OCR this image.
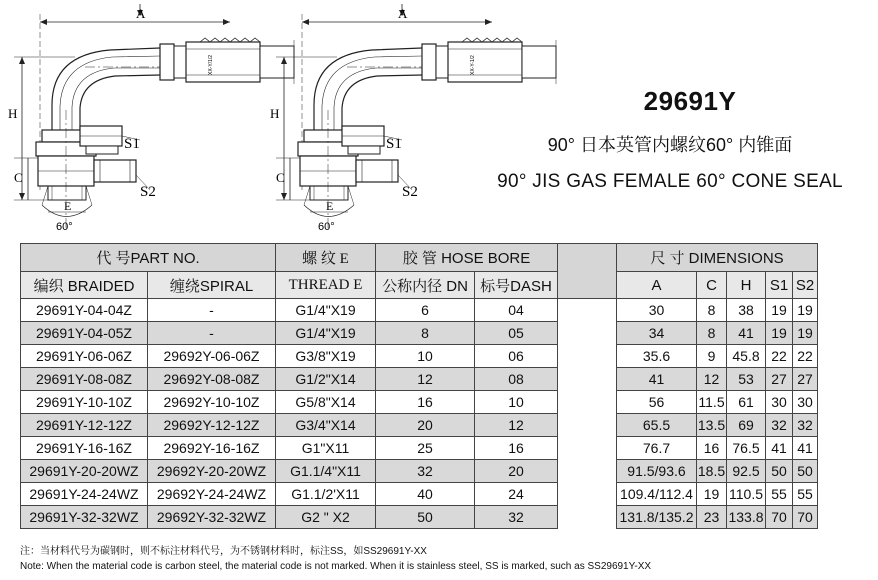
A
H
C
E
S1
S2
60°
XX-Y/1/2
A
H
C
E
S1
S2
60°
XX-Y-1/2
29691Y
90° 日本英管内螺纹60° 内锥面
90° JIS GAS FEMALE 60° CONE SEAL
代 号PART NO.		螺 纹 E	胶 管 HOSE BORE			尺 寸 DIMENSIONS				
编织 BRAIDED	缠绕SPIRAL	THREAD E	公称内径 DN	标号DASH		A	C	H	S1	S2
29691Y-04-04Z	-	G1/4"X19	6	04		30	8	38	19	19
29691Y-04-05Z	-	G1/4"X19	8	05		34	8	41	19	19
29691Y-06-06Z	29692Y-06-06Z	G3/8"X19	10	06		35.6	9	45.8	22	22
29691Y-08-08Z	29692Y-08-08Z	G1/2"X14	12	08		41	12	53	27	27
29691Y-10-10Z	29692Y-10-10Z	G5/8"X14	16	10		56	11.5	61	30	30
29691Y-12-12Z	29692Y-12-12Z	G3/4"X14	20	12		65.5	13.5	69	32	32
29691Y-16-16Z	29692Y-16-16Z	G1"X11	25	16		76.7	16	76.5	41	41
29691Y-20-20WZ	29692Y-20-20WZ	G1.1/4"X11	32	20		91.5/93.6	18.5	92.5	50	50
29691Y-24-24WZ	29692Y-24-24WZ	G1.1/2'X11	40	24		109.4/112.4	19	110.5	55	55
29691Y-32-32WZ	29692Y-32-32WZ	G2 " X2	50	32		131.8/135.2	23	133.8	70	70
注：当材料代号为碳钢时，则不标注材料代号，为不锈钢材料时，标注SS，如SS29691Y-XX
Note: When the material code is carbon steel, the material code is not marked. When it is stainless steel, SS is marked, such as SS29691Y-XX
